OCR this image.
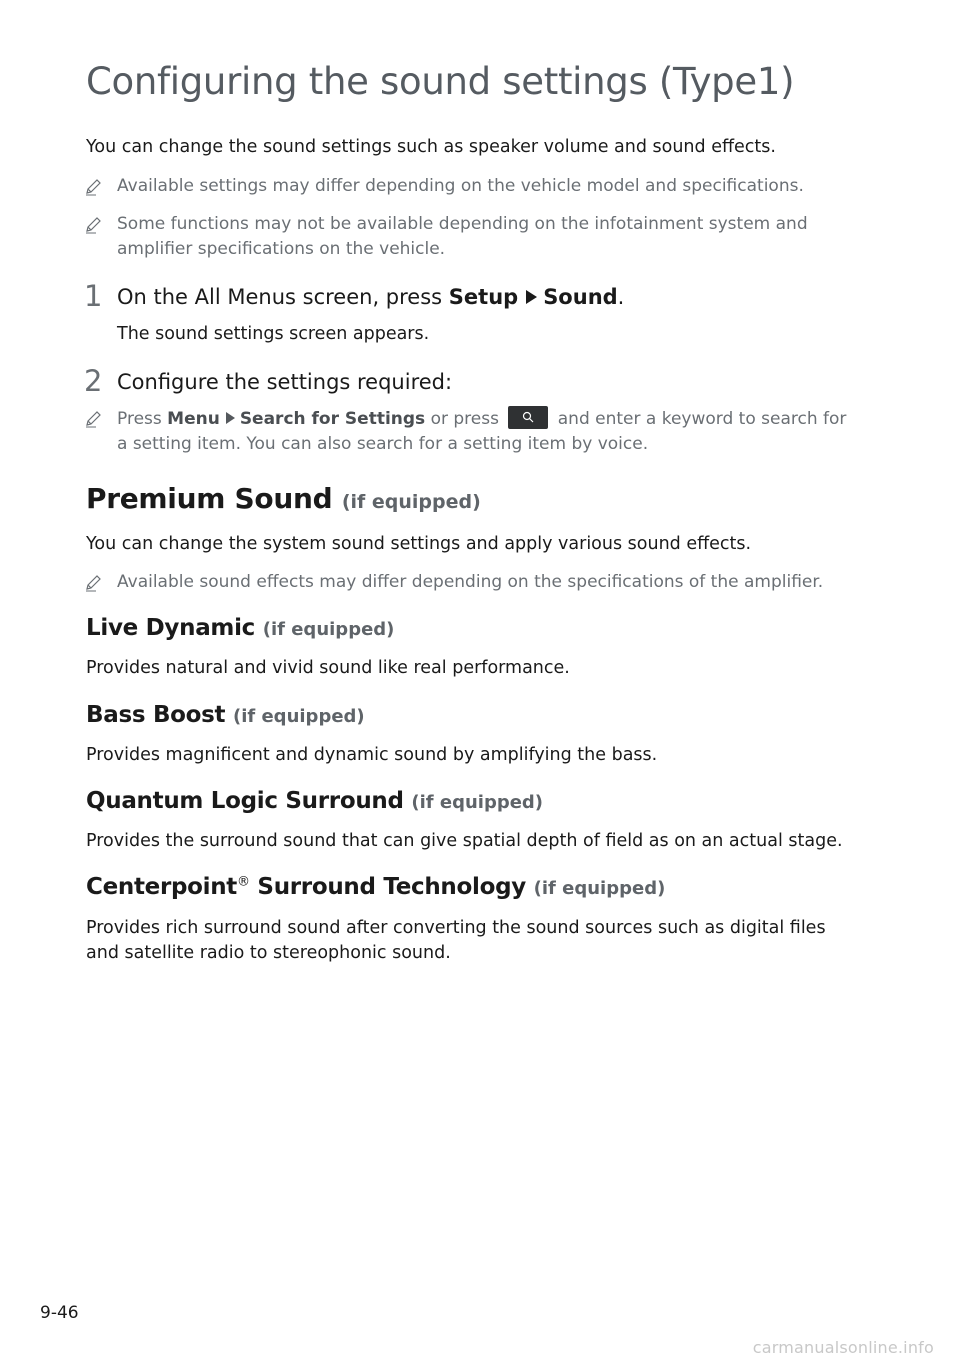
Configuring the sound settings (Type1)

You can change the sound settings such as speaker volume and sound effects.

Available settings may differ depending on the vehicle model and specifications.

Some functions may not be available depending on the infotainment system and amplifier specifications on the vehicle.

1 On the All Menus screen, press Setup Sound.

The sound settings screen appears.

2 Configure the settings required:

Press Menu Search for Settings or press	and enter a keyword to search for a setting item. You can also search for a setting item by voice.

Premium Sound (if equipped)

You can change the system sound settings and apply various sound effects.

Available sound effects may differ depending on the specifications of the amplifier.

Live Dynamic (if equipped)

Provides natural and vivid sound like real performance.

Bass Boost (if equipped)

Provides magnificent and dynamic sound by amplifying the bass.

Quantum Logic Surround (if equipped)

Provides the surround sound that can give spatial depth of field as on an actual stage.

Centerpoint® Surround Technology (if equipped)

Provides rich surround sound after converting the sound sources such as digital files and satellite radio to stereophonic sound.

9-46
carmanualsonline.info
